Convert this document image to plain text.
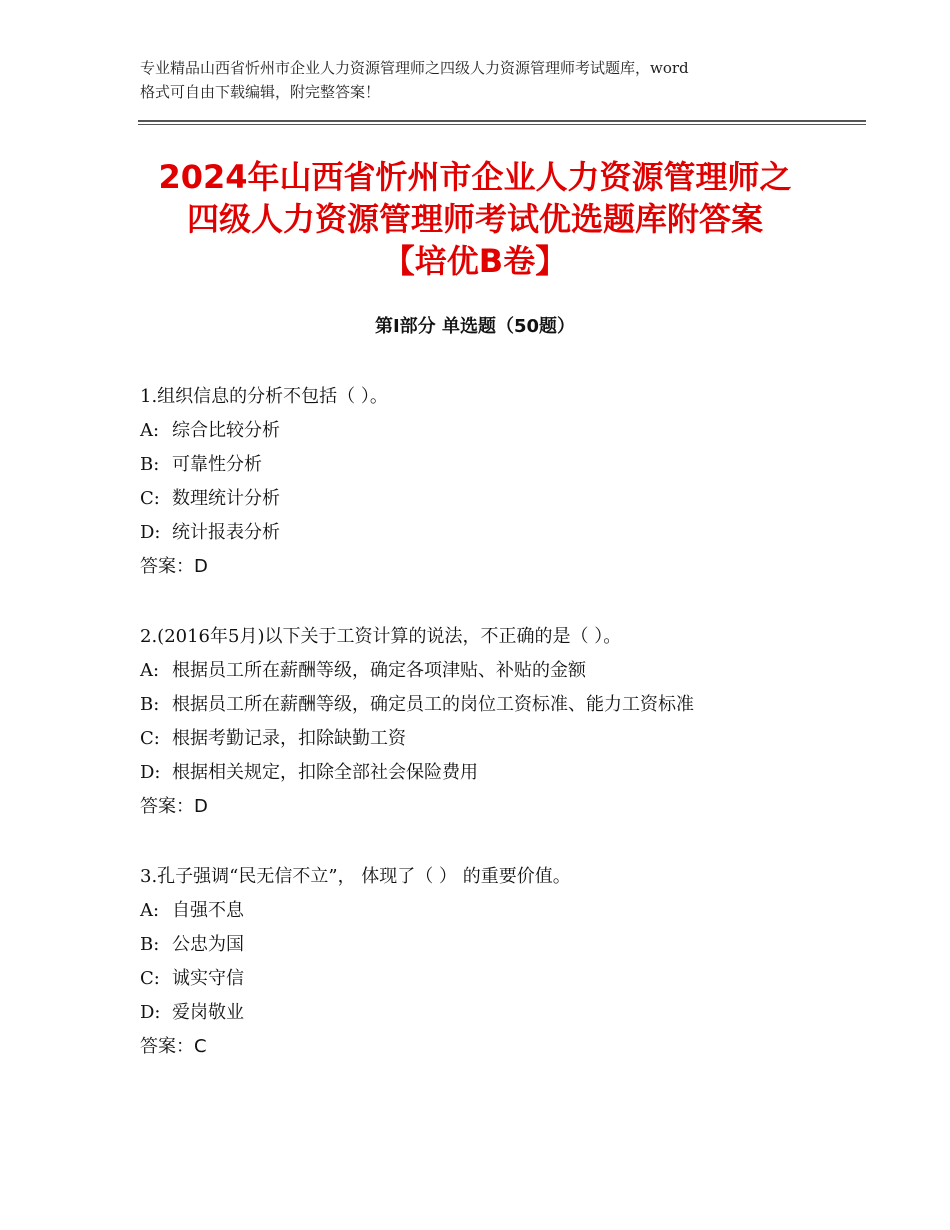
专业精品山西省忻州市企业人力资源管理师之四级人力资源管理师考试题库，word

格式可自由下载编辑，附完整答案！

2024年山西省忻州市企业人力资源管理师之
四级人力资源管理师考试优选题库附答案
【培优B卷】
第Ⅰ部分 单选题（50题）
1.组织信息的分析不包括（ ）。
A: 综合比较分析
B: 可靠性分析
C: 数理统计分析
D: 统计报表分析
答案：D
2.(2016年5月)以下关于工资计算的说法，不正确的是（ ）。
A: 根据员工所在薪酬等级，确定各项津贴、补贴的金额
B: 根据员工所在薪酬等级，确定员工的岗位工资标准、能力工资标准
C: 根据考勤记录，扣除缺勤工资
D: 根据相关规定，扣除全部社会保险费用
答案：D
3.孔子强调“民无信不立”， 体现了（ ） 的重要价值。
A: 自强不息
B: 公忠为国
C: 诚实守信
D: 爱岗敬业
答案：C
